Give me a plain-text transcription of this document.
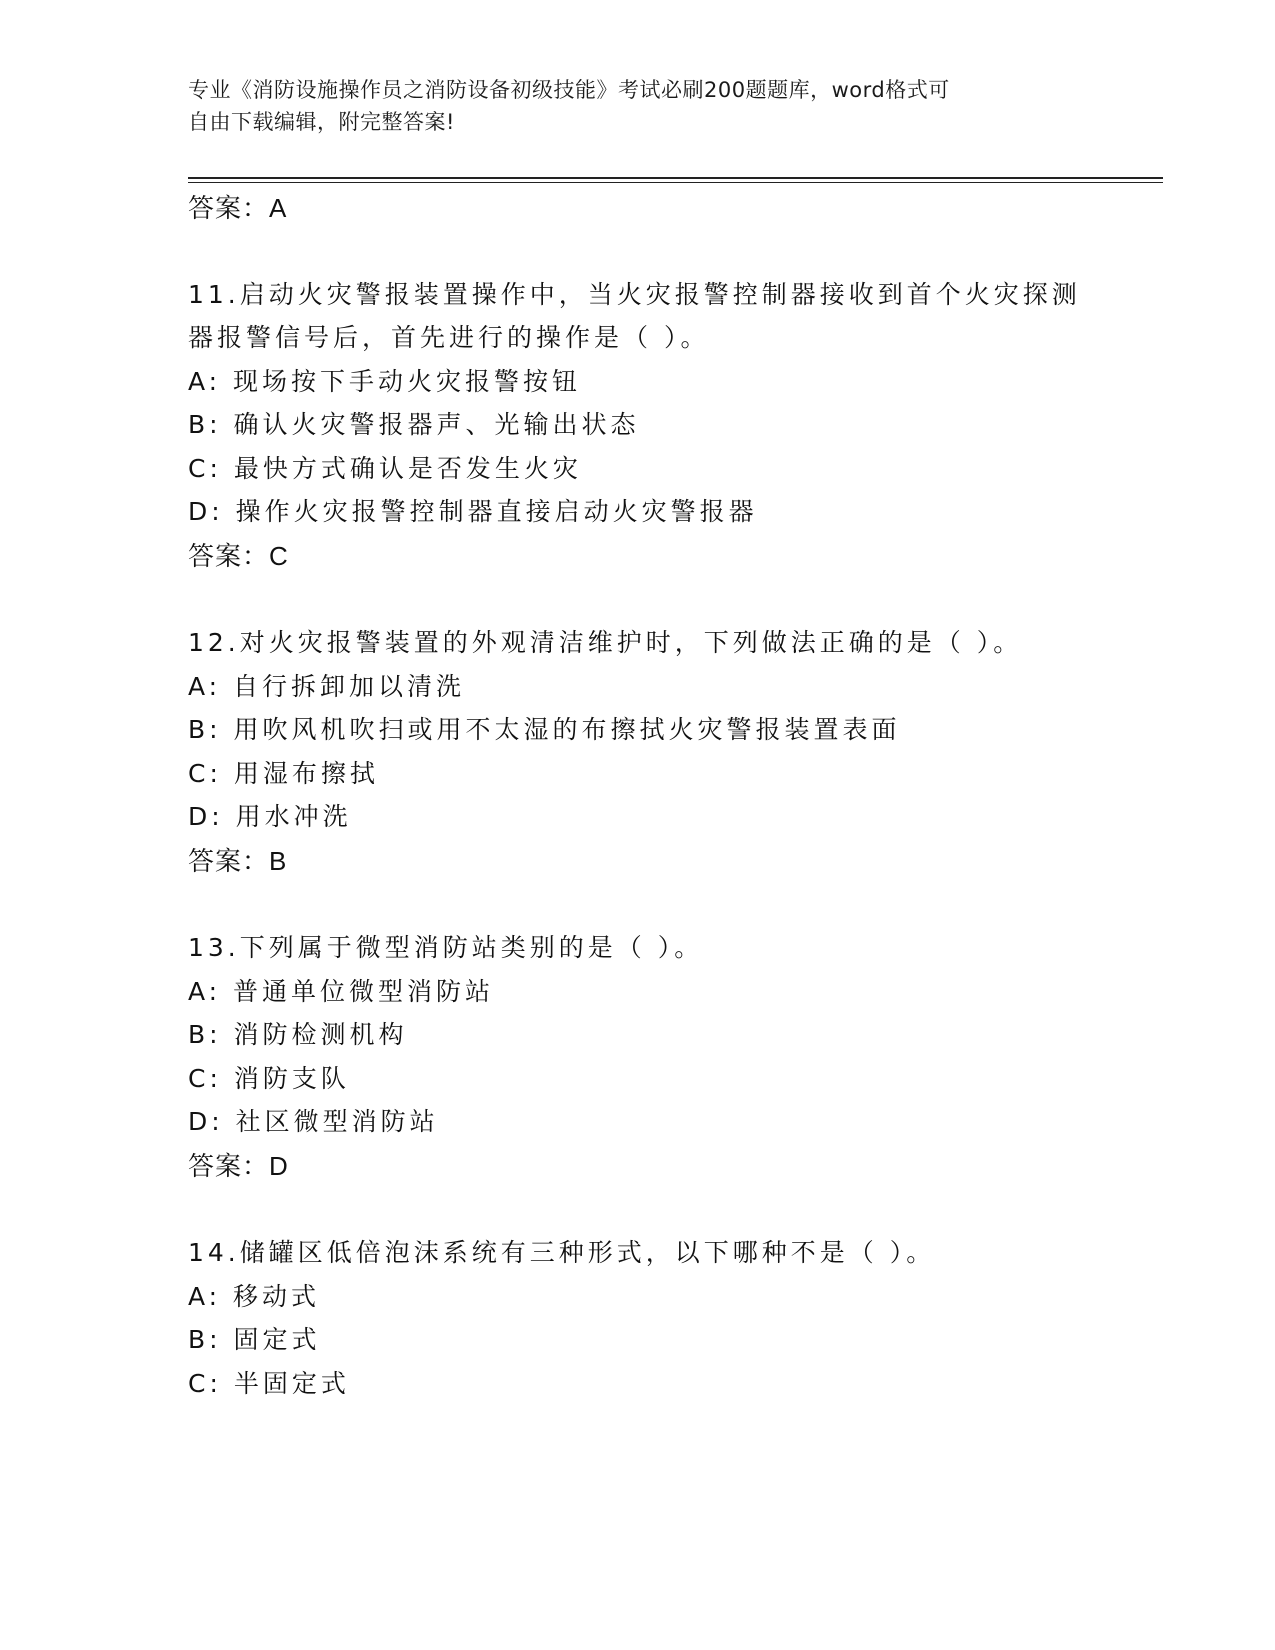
专业《消防设施操作员之消防设备初级技能》考试必刷200题题库，word格式可
自由下载编辑，附完整答案!
答案：A
11.启动火灾警报装置操作中，当火灾报警控制器接收到首个火灾探测
器报警信号后，首先进行的操作是（ ）。
A: 现场按下手动火灾报警按钮
B: 确认火灾警报器声、光输出状态
C: 最快方式确认是否发生火灾
D: 操作火灾报警控制器直接启动火灾警报器
答案：C
12.对火灾报警装置的外观清洁维护时，下列做法正确的是（ ）。
A: 自行拆卸加以清洗
B: 用吹风机吹扫或用不太湿的布擦拭火灾警报装置表面
C: 用湿布擦拭
D: 用水冲洗
答案：B
13.下列属于微型消防站类别的是（ ）。
A: 普通单位微型消防站
B: 消防检测机构
C: 消防支队
D: 社区微型消防站
答案：D
14.储罐区低倍泡沫系统有三种形式，以下哪种不是（ ）。
A: 移动式
B: 固定式
C: 半固定式
